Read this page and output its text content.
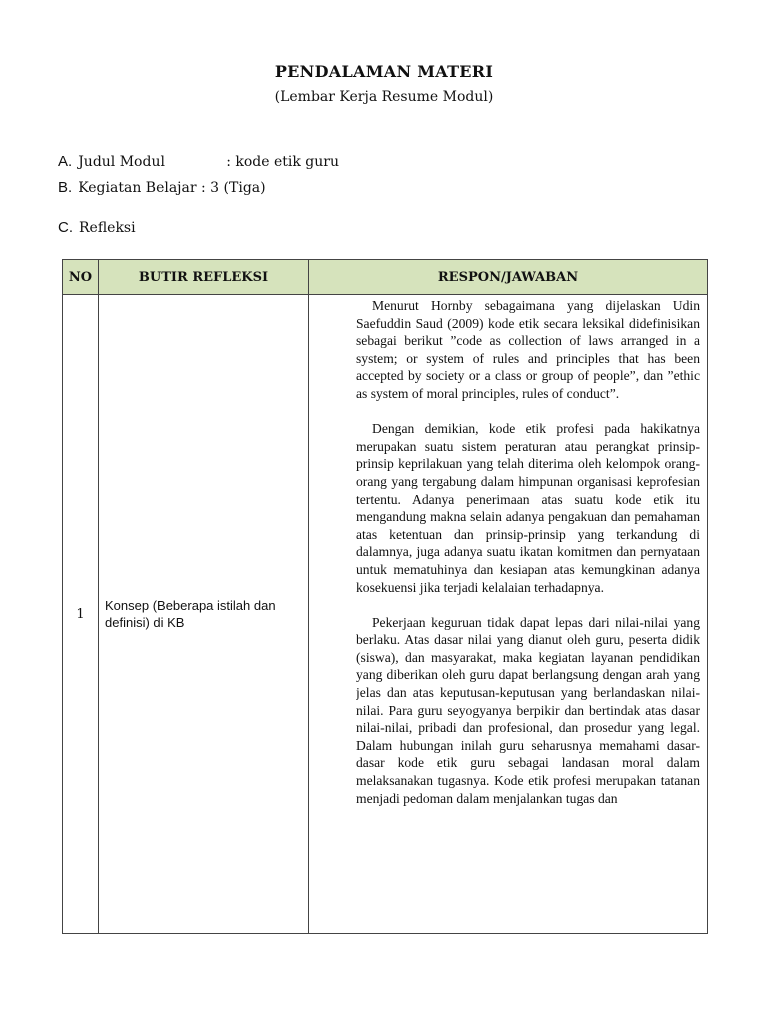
PENDALAMAN MATERI
(Lembar Kerja Resume Modul)
A. Judul Modul	: kode etik guru
B. Kegiatan Belajar : 3 (Tiga)
C. Refleksi
NO	BUTIR REFLEKSI	RESPON/JAWABAN
1	Konsep (Beberapa istilah dan definisi) di KB	Menurut Hornby sebagaimana yang dijelaskan Udin Saefuddin Saud (2009) kode etik secara leksikal didefinisikan sebagai berikut ”code as collection of laws arranged in a system; or system of rules and principles that has been accepted by society or a class or group of people”, dan ”ethic as system of moral principles, rules of conduct”.

Dengan demikian, kode etik profesi pada hakikatnya merupakan suatu sistem peraturan atau perangkat prinsip-prinsip keprilakuan yang telah diterima oleh kelompok orang-orang yang tergabung dalam himpunan organisasi keprofesian tertentu. Adanya penerimaan atas suatu kode etik itu mengandung makna selain adanya pengakuan dan pemahaman atas ketentuan dan prinsip-prinsip yang terkandung di dalamnya, juga adanya suatu ikatan komitmen dan pernyataan untuk mematuhinya dan kesiapan atas kemungkinan adanya kosekuensi jika terjadi kelalaian terhadapnya.

Pekerjaan keguruan tidak dapat lepas dari nilai-nilai yang berlaku. Atas dasar nilai yang dianut oleh guru, peserta didik (siswa), dan masyarakat, maka kegiatan layanan pendidikan yang diberikan oleh guru dapat berlangsung dengan arah yang jelas dan atas keputusan-keputusan yang berlandaskan nilai-nilai. Para guru seyogyanya berpikir dan bertindak atas dasar nilai-nilai, pribadi dan profesional, dan prosedur yang legal. Dalam hubungan inilah guru seharusnya memahami dasar-dasar kode etik guru sebagai landasan moral dalam melaksanakan tugasnya. Kode etik profesi merupakan tatanan menjadi pedoman dalam menjalankan tugas dan
